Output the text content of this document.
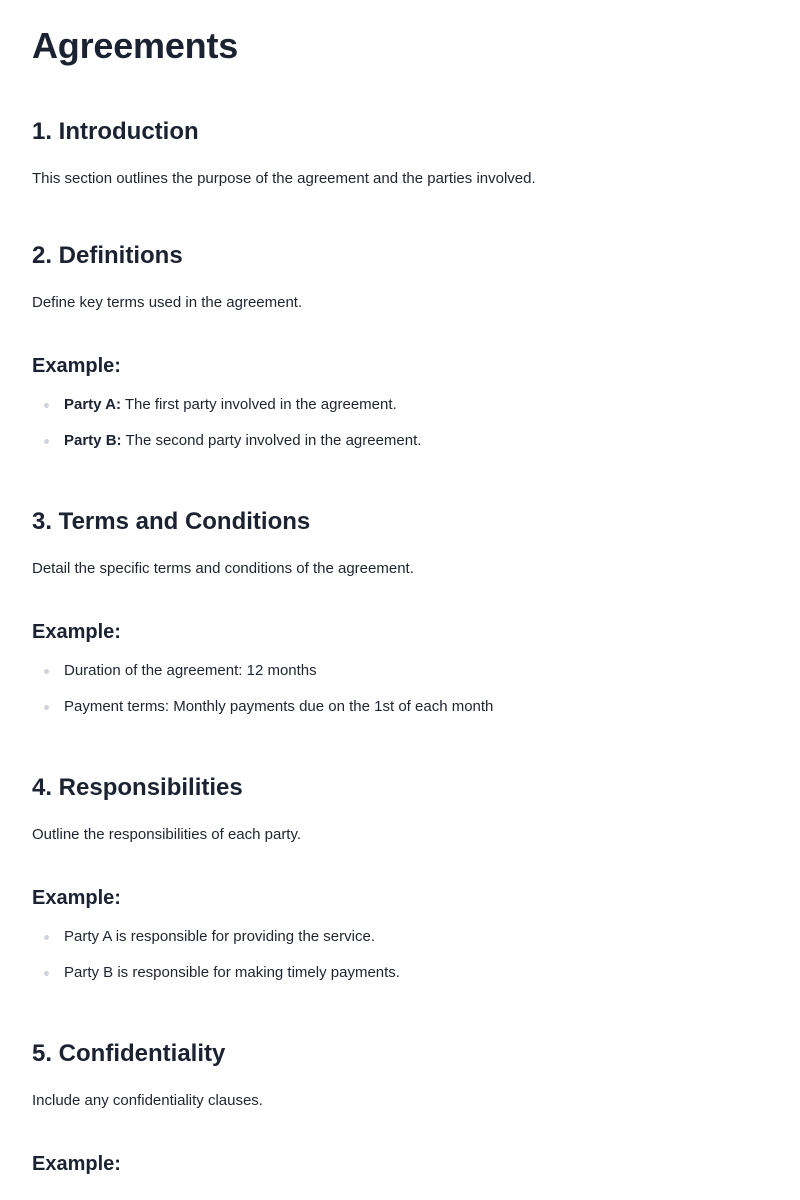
Agreements
1. Introduction

This section outlines the purpose of the agreement and the parties involved.

2. Definitions

Define key terms used in the agreement.

Example:
Party A: The first party involved in the agreement.
Party B: The second party involved in the agreement.
3. Terms and Conditions

Detail the specific terms and conditions of the agreement.

Example:
Duration of the agreement: 12 months
Payment terms: Monthly payments due on the 1st of each month
4. Responsibilities

Outline the responsibilities of each party.

Example:
Party A is responsible for providing the service.
Party B is responsible for making timely payments.
5. Confidentiality

Include any confidentiality clauses.

Example:
